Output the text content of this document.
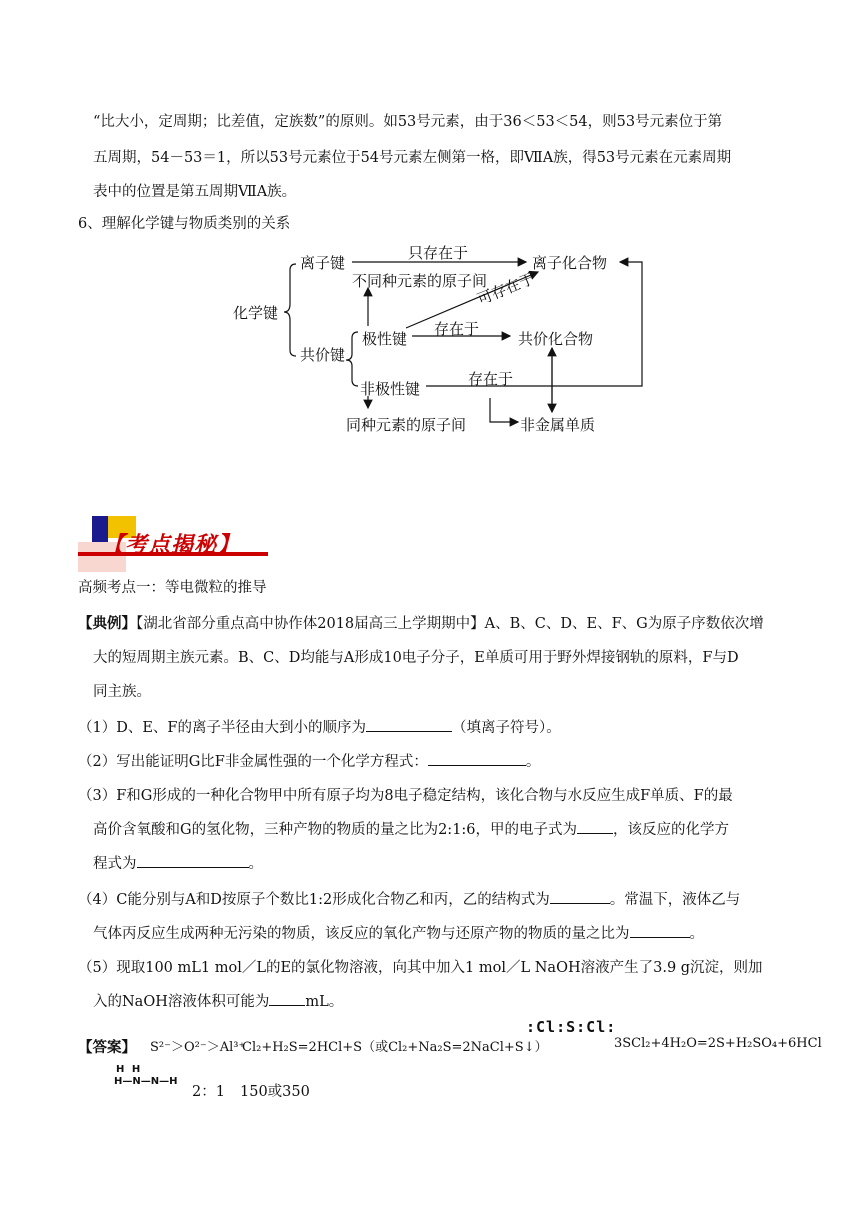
“比大小，定周期；比差值，定族数”的原则。如53号元素，由于36＜53＜54，则53号元素位于第
五周期，54－53＝1，所以53号元素位于54号元素左侧第一格，即ⅦA族，得53号元素在元素周期
表中的位置是第五周期ⅦA族。
6、理解化学键与物质类别的关系
化学键
离子键
共价键
极性键
非极性键
只存在于
不同种元素的原子间
离子化合物
可存在于
存在于
共价化合物
存在于
同种元素的原子间	非金属单质
【考点揭秘】
高频考点一：等电微粒的推导
【典例】【湖北省部分重点高中协作体2018届高三上学期期中】A、B、C、D、E、F、G为原子序数依次增
大的短周期主族元素。B、C、D均能与A形成10电子分子，E单质可用于野外焊接钢轨的原料，F与D
同主族。
（1）D、E、F的离子半径由大到小的顺序为	（填离子符号）。
（2）写出能证明G比F非金属性强的一个化学方程式：	。
（3）F和G形成的一种化合物甲中所有原子均为8电子稳定结构，该化合物与水反应生成F单质、F的最
高价含氧酸和G的氢化物，三种产物的物质的量之比为2:1:6，甲的电子式为 ，该反应的化学方
程式为	。
（4）C能分别与A和D按原子个数比1:2形成化合物乙和丙，乙的结构式为	。常温下，液体乙与
气体丙反应生成两种无污染的物质，该反应的氧化产物与还原产物的物质的量之比为	。
（5）现取100 mL1 mol／L的E的氯化物溶液，向其中加入1 mol／L NaOH溶液产生了3.9 g沉淀，则加
入的NaOH溶液体积可能为 mL。
【答案】 S²⁻＞O²⁻＞Al³⁺
Cl₂+H₂S=2HCl+S（或Cl₂+Na₂S=2NaCl+S↓）
:Cl:S:Cl:
3SCl₂+4H₂O=2S+H₂SO₄+6HCl
H H
H—N—N—H
2：1 150或350
